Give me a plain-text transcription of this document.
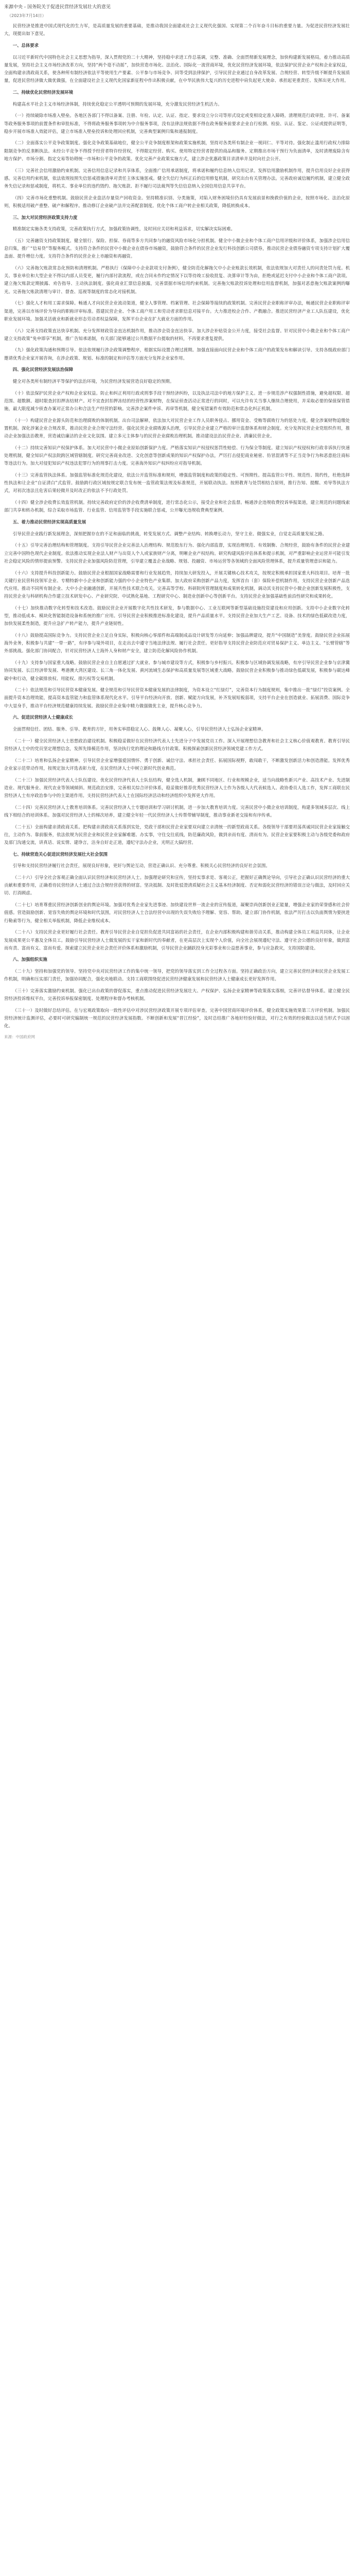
来源中央 - 国务院关于促进民营经济发展壮大的意见
（2023年7月14日）

民营经济是推进中国式现代化的生力军，是高质量发展的重要基础，是推动我国全面建成社会主义现代化强国、实现第二个百年奋斗目标的重要力量。为促进民营经济发展壮大，现提出如下意见。

一、总体要求

以习近平新时代中国特色社会主义思想为指导，深入贯彻党的二十大精神，坚持稳中求进工作总基调，完整、准确、全面贯彻新发展理念，加快构建新发展格局，着力推动高质量发展，坚持社会主义市场经济改革方向，坚持“两个毫不动摇”，加快营造市场化、法治化、国际化一流营商环境，优化民营经济发展环境，依法保护民营企业产权和企业家权益，全面构建亲清政商关系，使各种所有制经济依法平等使用生产要素、公平参与市场竞争、同等受到法律保护，引导民营企业通过自身改革发展、合规经营、转型升级不断提升发展质量，促进民营经济做大做优做强，在全面建设社会主义现代化国家新征程中作出积极贡献，在中华民族伟大复兴的历史进程中肩负起更大使命、承担起更重责任、发挥出更大作用。

二、持续优化民营经济发展环境

构建高水平社会主义市场经济体制，持续优化稳定公平透明可预期的发展环境，充分激发民营经济生机活力。

（一）持续破除市场准入壁垒。各地区各部门不得以备案、注册、年检、认定、认证、指定、要求设立分公司等形式设定或变相设定准入障碍。清理规范行政审批、许可、备案等政务服务事项的前置条件和审批标准，不得将政务服务事项转为中介服务事项，没有法律法规依据不得在政务服务前要求企业自行检测、检验、认证、鉴定、公证或提供证明等，稳步开展市场准入效能评估，建立市场准入壁垒投诉和处理回应机制，完善典型案例归集和通报制度。

（二）全面落实公平竞争政策制度。强化竞争政策基础地位，健全公平竞争制度框架和政策实施机制，坚持对各类所有制企业一视同仁、平等对待。强化制止滥用行政权力排除限制竞争的反垄断执法。未经公平竞争不得授予经营者特许经营权，不得限定经营、购买、使用特定经营者提供的商品和服务。定期推出市场干预行为负面清单，及时清理废除含有地方保护、市场分割、指定交易等妨碍统一市场和公平竞争的政策。优化完善产业政策实施方式，建立涉企优惠政策目录清单并及时向社会公开。

（三）完善社会信用激励约束机制。完善信用信息记录和共享体系，全面推广信用承诺制度，将承诺和履约信息纳入信用记录。发挥信用激励机制作用，提升信用良好企业获得感。完善信用约束机制，依法依规按照失信惩戒措施清单对责任主体实施惩戒。健全失信行为纠正后的信用修复机制，研究出台有关管理办法。完善政府诚信履约机制，建立健全政务失信记录和惩戒制度，将机关、事业单位的违约毁约、拖欠账款、拒不履行司法裁判等失信信息纳入全国信用信息共享平台。

（四）完善市场化重整机制。鼓励民营企业盘活存量资产回收资金。坚持精准识别、分类施策，对陷入财务困境但仍具有发展前景和挽救价值的企业，按照市场化、法治化原则，积极适用破产重整、破产和解程序。推动修订企业破产法并完善配套制度。优化个体工商户转企业相关政策，降低转换成本。

三、加大对民营经济政策支持力度

精准制定实施各类支持政策，完善政策执行方式，加强政策协调性，及时回应关切和利益诉求，切实解决实际困难。

（五）完善融资支持政策制度。健全银行、保险、担保、券商等多方共同参与的融资风险市场化分担机制。健全中小微企业和个体工商户信用评级和评价体系，加强涉企信用信息归集，推广“信易贷”等服务模式。支持符合条件的民营中小微企业在债券市场融资，鼓励符合条件的民营企业发行科技创新公司债券，推动民营企业债券融资专项支持计划扩大覆盖面、提升增信力度。支持符合条件的民营企业上市融资和再融资。

（六）完善拖欠账款常态化预防和清理机制。严格执行《保障中小企业款项支付条例》，健全防范化解拖欠中小企业账款长效机制，依法依规加大对责任人的问责处罚力度。机关、事业单位和大型企业不得以内部人员变更，履行内部付款流程，或在合同未作约定情况下以等待竣工验收批复、决算审计等为由，拒绝或延迟支付中小企业和个体工商户款项。建立拖欠账款定期披露、劝告指导、主动执法制度。强化商业汇票信息披露，完善票据市场信用约束机制。完善拖欠账款投诉处理和信用监督机制，加强对恶意拖欠账款案例的曝光。完善拖欠账款清理与审计、督查、巡视等制度的常态化对接机制。

（七）强化人才和用工需求保障。畅通人才向民营企业流动渠道，健全人事管理、档案管理、社会保障等接续的政策机制。完善民营企业职称评审办法，畅通民营企业职称评审渠道，完善以市场评价为导向的职称评审标准。搭建民营企业、个体工商户用工和劳动者求职信息对接平台。大力推进校企合作、产教融合。推进民营经济产业工人队伍建设，优化职业发展环境。加强灵活就业和新就业形态劳动者权益保障，发挥平台企业在扩大就业方面的作用。

（八）完善支持政策直达快享机制。充分发挥财政资金直达机制作用，推动涉企资金直达快享。加大涉企补贴资金公开力度，接受社会监督。针对民营中小微企业和个体工商户建立支持政策“免申即享”机制，推广告知承诺制，有关部门能够通过公共数据平台提取的材料，不再要求重复提供。

（九）强化政策沟通和预期引导。依法依规履行涉企政策调整程序，根据实际设置合理过渡期。加强直接面向民营企业和个体工商户的政策发布和解读引导。支持各级政府部门邀请优秀企业家开展咨询，在涉企政策、规划、标准的制定和评估等方面充分发挥企业家作用。

四、强化民营经济发展法治保障

健全对各类所有制经济平等保护的法治环境，为民营经济发展营造良好稳定的预期。

（十）依法保护民营企业产权和企业家权益。防止和纠正利用行政或刑事手段干预经济纠纷，以及执法司法中的地方保护主义。进一步规范涉产权强制性措施，避免超权限、超范围、超数额、超时限查封扣押冻结财产。对不宜查封扣押冻结的经营性涉案财物，在保证侦查活动正常进行的同时，可以允许有关当事人继续合理使用，并采取必要的保值保管措施，最大限度减少侦查办案对正常办公和合法生产经营的影响。完善涉企案件申诉、再审等机制，健全冤错案件有效防范和常态化纠正机制。

（十一）构建民营企业源头防范和治理腐败的体制机制。出台司法解释，依法加大对民营企业工作人员职务侵占、挪用资金、受贿等腐败行为的惩处力度。健全涉案财物追缴处置机制。深化涉案企业合规改革，推动民营企业合规守法经营。强化民营企业腐败源头治理，引导民营企业建立严格的审计监督体系和财会制度。充分发挥民营企业党组织作用，推动企业加强法治教育，营造诚信廉洁的企业文化氛围。建立多元主体参与的民营企业腐败治理机制。推动建设法治民营企业、清廉民营企业。

（十二）持续完善知识产权保护体系。加大对民营中小微企业原始创新保护力度。严格落实知识产权侵权惩罚性赔偿、行为保全等制度。建立知识产权侵权和行政非诉执行快速处理机制，健全知识产权法院跨区域管辖制度。研究完善商业改进、文化创意等创新成果的知识产权保护办法，严厉打击侵犯商业秘密、仿冒混淆等不正当竞争行为和恶意抢注商标等违法行为。加大对侵犯知识产权违法犯罪行为的刑事打击力度。完善海外知识产权纠纷应对指导机制。

（十三）完善监管执法体系。加强监管标准化规范化建设，依法公开监管标准和规则，增强监管制度和政策的稳定性、可预期性。提高监管公平性、规范性、简约性，杜绝选择性执法和让企业“自证清白”式监管。鼓励跨行政区域按规定联合发布统一监管政策法规及标准规范，开展联动执法。按照教育与处罚相结合原则，推行告知、提醒、劝导等执法方式，对初次违法且危害后果轻微并及时改正的依法不予行政处罚。

（十四）健全涉企收费长效监管机制。持续完善政府定价的涉企收费清单制度，进行常态化公示，接受企业和社会监督。畅通涉企违规收费投诉举报渠道，建立规范的问题线索部门共享和转办机制，综合采取市场监管、行业监管、信用监管等手段实施联合惩戒，公开曝光违规收费典型案例。

五、着力推动民营经济实现高质量发展

引导民营企业践行新发展理念，深刻把握存在的不足和面临的挑战，转变发展方式、调整产业结构、转换增长动力，坚守主业、做强实业，自觉走高质量发展之路。

（十五）引导完善治理结构和管理制度。支持引导民营企业完善法人治理结构、规范股东行为、强化内部监督，实现治理规范、有效制衡、合规经营，鼓励有条件的民营企业建立完善中国特色现代企业制度。依法推动实现企业法人财产与出资人个人或家族财产分离，明晰企业产权结构。研究构建风险评估体系和提示机制，对严重影响企业运营并可能引发社会稳定风险的情形提前预警。支持民营企业加强风险防范管理，引导建立覆盖企业战略、规划、投融资、市场运营等各领域的全面风险管理体系，提升质量管理意识和能力。

（十六）支持提升科技创新能力。鼓励民营企业根据国家战略需要和行业发展趋势，持续加大研发投入，开展关键核心技术攻关，按规定积极承担国家重大科技项目。培育一批关键行业民营科技领军企业、专精特新中小企业和创新能力强的中小企业特色产业集群。加大政府采购创新产品力度，发挥首台（套）保险补偿机制作用，支持民营企业创新产品迭代应用。推动不同所有制企业、大中小企业融通创新，开展共性技术联合攻关。完善高等学校、科研院所管理制度和成果转化机制，调动其支持民营中小微企业创新发展积极性，支持民营企业与科研机构合作建立技术研发中心、产业研究院、中试熟化基地、工程研究中心、制造业创新中心等创新平台。支持民营企业加强基础性前沿性研究和成果转化。

（十七）加快推动数字化转型和技术改造。鼓励民营企业开展数字化共性技术研发，参与数据中心、工业互联网等新型基础设施投资建设和应用创新。支持中小企业数字化转型，推动低成本、模块化智能制造设备和系统的推广应用。引导民营企业积极推进标准化建设，提升产品质量水平。支持民营企业加大生产工艺、设备、技术的绿色低碳改造力度，加快发展柔性制造，提升应急扩产转产能力，提升产业链韧性。

（十八）鼓励提高国际竞争力。支持民营企业立足自身实际，积极向核心零部件和高端制成品设计研发等方向延伸；加强品牌建设，提升“中国制造”美誉度。鼓励民营企业拓展海外业务，积极参与共建“一带一路”，有序参与境外项目，在走出去中遵守当地法律法规、履行社会责任。更好指导支持民营企业防范应对贸易保护主义、单边主义、“长臂管辖”等外部挑战。强化部门协同配合，针对民营经济人士海外人身和财产安全，建立防范化解风险协作机制。

（十九）支持参与国家重大战略。鼓励民营企业自主自愿通过扩大就业、参与城市建设等方式，积极参与乡村振兴。积极参与区域协调发展战略，有序引导民营企业参与京津冀协同发展、长江经济带发展、粤港澳大湾区建设、长三角一体化发展、黄河流域生态保护和高质量发展等区域重大战略。鼓励民营企业积极参与推动绿色低碳发展，积极参与碳达峰碳中和行动，健全碳排放权、用能权、排污权等交易机制。

（二十）依法规范和引导民营资本健康发展。健全规范和引导民营资本健康发展的法律制度，为资本设立“红绿灯”，完善资本行为制度规则，集中推出一批“绿灯”投资案例。全面提升资本治理效能，提高资本监管能力和监管体系现代化水平。引导平台经济向开放、创新、赋能方向发展，补齐发展短板弱项，支持平台企业在创造就业、拓展消费、国际竞争中大显身手，推动平台经济规范健康持续发展。鼓励民营企业集中精力做强做优主业，提升核心竞争力。

六、促进民营经济人士健康成长

全面贯彻信任、团结、服务、引导、教育的方针，用务实举措稳定人心、鼓舞人心、凝聚人心，引导民营经济人士弘扬企业家精神。

（二十一）健全民营经济人士思想政治建设机制。积极稳妥做好在民营经济代表人士先进分子中发展党员工作。深入开展理想信念教育和社会主义核心价值观教育。教育引导民营经济人士中的党员坚定理想信念，发挥先锋模范作用，坚决执行党的理论和路线方针政策。积极探索创新民营经济领域党建工作方式。

（二十二）培育和弘扬企业家精神。引导民营企业家增强爱国情怀、勇于创新、诚信守法、承担社会责任、拓展国际视野，敢闯敢干，不断激发创新活力和创造潜能。发挥优秀企业家示范带动作用，按规定加大评选表彰力度，在民营经济人士中树立新时代创业典范。

（二十三）加强民营经济代表人士队伍建设。优化民营经济代表人士队伍结构，健全选人机制，兼顾不同地区、行业和规模企业，适当向战略性新兴产业、高技术产业、先进制造业、现代服务业、现代农业等领域倾斜。规范政治安排，完善相关综合评价体系，稳妥做好推荐优秀民营经济人士作为各级人大代表候选人、政协委员人选工作，发挥工商联在民营经济人士有序政治参与中的主渠道作用。支持民营经济代表人士在国际经济活动和经济组织中发挥更大作用。

（二十四）完善民营经济人士教育培训体系。完善民营经济人士专题培训和学习研讨机制，进一步加大教育培训力度。完善民营中小微企业培训制度，构建多领域多层次、线上线下相结合的培训体系。加强对民营经济人士的梯次培养，建立健全年轻一代民营经济人士传帮带辅导制度，推动事业新老交接和有序传承。

（二十五）全面构建亲清政商关系。把构建亲清政商关系落到实处，党政干部和民营企业家要双向建立亲清统一的新型政商关系。各级领导干部要坦荡真诚同民营企业家接触交往，主动作为、靠前服务，依法依规为民营企业和民营企业家解难题、办实事，守住交往底线，防范廉政风险，做到亲而有度、清而有为。民营企业家要积极主动与各级党委和政府及部门沟通交流，讲真话、说实情、建诤言，洁身自好走正道，遵纪守法办企业，光明正大搞经营。

七、持续营造关心促进民营经济发展壮大社会氛围

引导和支持民营经济履行社会责任，展现良好形象，更好与舆论互动，营造正确认识、充分尊重、积极关心民营经济的良好社会氛围。

（二十六）引导全社会客观正确全面认识民营经济和民营经济人士。加强理论研究和宣传，坚持实事求是、客观公正，把握好正确舆论导向，引导社会正确认识民营经济的重大贡献和重要作用，正确看待民营经济人士通过合法合规经营获得的财富。坚决抵制、及时批驳澄清质疑社会主义基本经济制度、否定和弱化民营经济的错误言论与做法，及时回应关切、打消顾虑。

（二十七）培育尊重民营经济创新创业的舆论环境。加强对优秀企业家先进事迹、加快建设世界一流企业的宣传报道，凝聚崇尚创新创业正能量，增强企业家的荣誉感和社会价值感。营造鼓励创新、宽容失败的舆论环境和时代氛围，对民营经济人士合法经营中出现的失误失败给予理解、宽容、帮助。建立部门协作机制，依法严厉打击以负面舆情为要挟进行勒索等行为，健全相关举报机制，降低企业维权成本。

（二十八）支持民营企业更好履行社会责任。教育引导民营企业自觉担负促进共同富裕的社会责任，在企业内部积极构建和谐劳动关系，推动构建全体员工利益共同体，让企业发展成果更公平惠及全体员工。鼓励引导民营经济人士做发展的实干家和新时代的奉献者，在更高层次上实现个人价值，向全社会展现遵纪守法、遵守社会公德的良好形象，做到富而有责、富而有义、富而有爱。探索建立民营企业社会责任评价体系和激励机制，引导民营企业踊跃投身光彩事业和公益慈善事业，参与应急救灾，支持国防建设。

八、加强组织实施

（二十九）坚持和加强党的领导。坚持党中央对民营经济工作的集中统一领导，把党的领导落实到工作全过程各方面。坚持正确政治方向，建立完善民营经济和民营企业发展工作机制，明确和压实部门责任，加强协同配合，强化央地联动。支持工商联围绕促进民营经济健康发展和民营经济人士健康成长更好发挥作用。

（三十）完善落实激励约束机制。强化已出台政策的督促落实，重点推动促进民营经济发展壮大、产权保护、弘扬企业家精神等政策落实落细，完善评估督导体系。建立健全民营经济投诉维权平台，完善投诉举报保密制度、处理程序和督办考核机制。

（三十一）及时做好总结评估。在与宏观政策取向一致性评估中对涉民营经济政策开展专项评估审查。完善中国营商环境评价体系，健全政策实施效果第三方评价机制。加强民营经济统计监测评估，必要时可研究编制统一规范的民营经济发展指数。不断创新和发展“晋江经验”，及时总结推广各地好经验好做法，对行之有效的经验做法以适当形式予以固化。

来源：中国政府网
